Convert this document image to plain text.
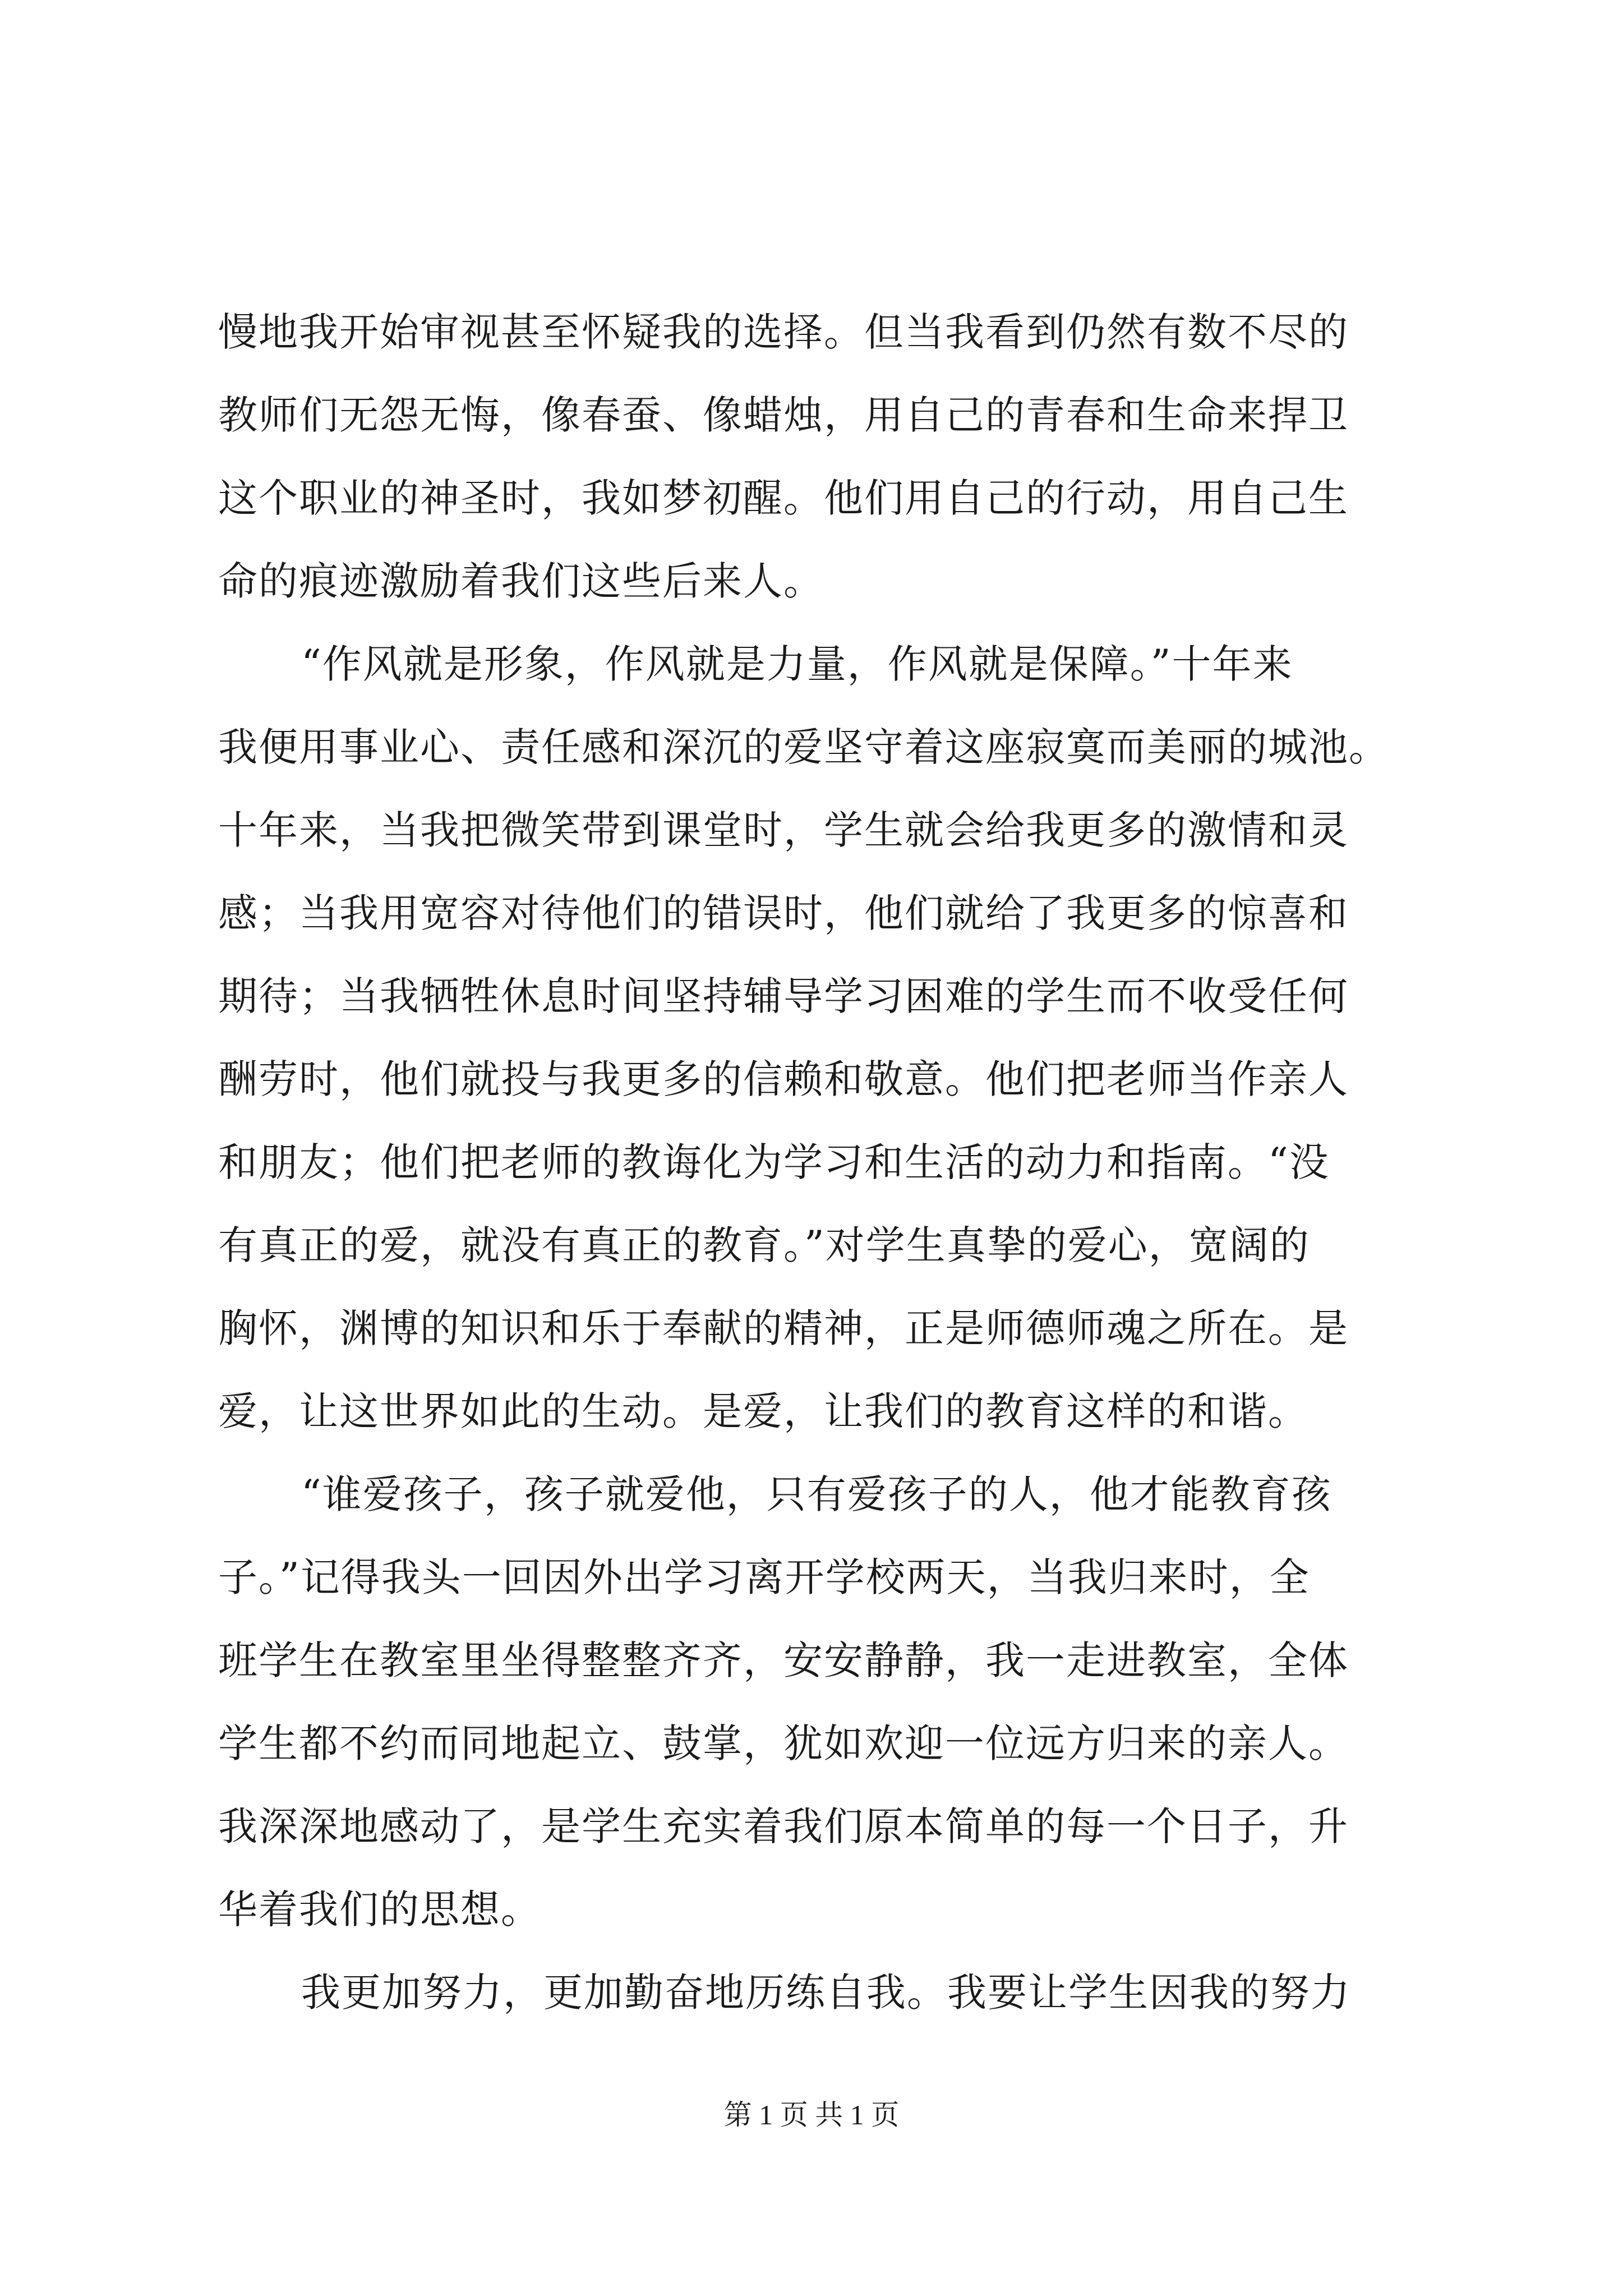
慢地我开始审视甚至怀疑我的选择。但当我看到仍然有数不尽的
教师们无怨无悔，像春蚕、像蜡烛，用自己的青春和生命来捍卫
这个职业的神圣时，我如梦初醒。他们用自己的行动，用自己生
命的痕迹激励着我们这些后来人。
“作风就是形象，作风就是力量，作风就是保障。”十年来
我便用事业心、责任感和深沉的爱坚守着这座寂寞而美丽的城池。
十年来，当我把微笑带到课堂时，学生就会给我更多的激情和灵
感；当我用宽容对待他们的错误时，他们就给了我更多的惊喜和
期待；当我牺牲休息时间坚持辅导学习困难的学生而不收受任何
酬劳时，他们就投与我更多的信赖和敬意。他们把老师当作亲人
和朋友；他们把老师的教诲化为学习和生活的动力和指南。“没
有真正的爱，就没有真正的教育。”对学生真挚的爱心，宽阔的
胸怀，渊博的知识和乐于奉献的精神，正是师德师魂之所在。是
爱，让这世界如此的生动。是爱，让我们的教育这样的和谐。
“谁爱孩子，孩子就爱他，只有爱孩子的人，他才能教育孩
子。”记得我头一回因外出学习离开学校两天，当我归来时，全
班学生在教室里坐得整整齐齐，安安静静，我一走进教室，全体
学生都不约而同地起立、鼓掌，犹如欢迎一位远方归来的亲人。
我深深地感动了，是学生充实着我们原本简单的每一个日子，升
华着我们的思想。
我更加努力，更加勤奋地历练自我。我要让学生因我的努力
第 1 页 共 1 页
